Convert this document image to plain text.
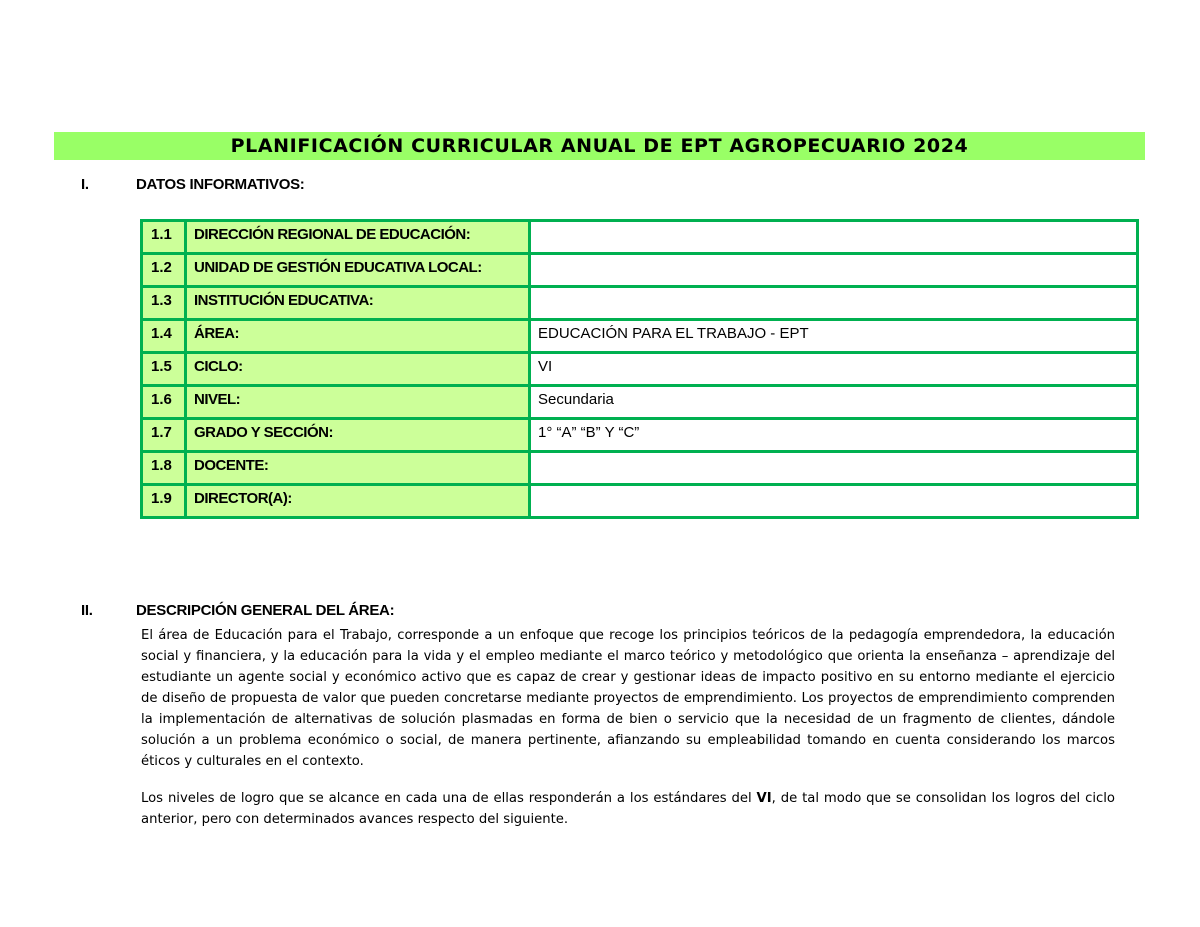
PLANIFICACIÓN CURRICULAR ANUAL DE EPT AGROPECUARIO 2024
I.	DATOS INFORMATIVOS:
1.1	DIRECCIÓN REGIONAL DE EDUCACIÓN:	
1.2	UNIDAD DE GESTIÓN EDUCATIVA LOCAL:	
1.3	INSTITUCIÓN EDUCATIVA:	
1.4	ÁREA:	EDUCACIÓN PARA EL TRABAJO - EPT
1.5	CICLO:	VI
1.6	NIVEL:	Secundaria
1.7	GRADO Y SECCIÓN:	1° “A” “B” Y “C”
1.8	DOCENTE:	
1.9	DIRECTOR(A):	
II.	DESCRIPCIÓN GENERAL DEL ÁREA:

El área de Educación para el Trabajo, corresponde a un enfoque que recoge los principios teóricos de la pedagogía emprendedora, la educación social y financiera, y la educación para la vida y el empleo mediante el marco teórico y metodológico que orienta la enseñanza – aprendizaje del estudiante un agente social y económico activo que es capaz de crear y gestionar ideas de impacto positivo en su entorno mediante el ejercicio de diseño de propuesta de valor que pueden concretarse mediante proyectos de emprendimiento. Los proyectos de emprendimiento comprenden la implementación de alternativas de solución plasmadas en forma de bien o servicio que la necesidad de un fragmento de clientes, dándole solución a un problema económico o social, de manera pertinente, afianzando su empleabilidad tomando en cuenta considerando los marcos éticos y culturales en el contexto.

Los niveles de logro que se alcance en cada una de ellas responderán a los estándares del VI, de tal modo que se consolidan los logros del ciclo anterior, pero con determinados avances respecto del siguiente.
